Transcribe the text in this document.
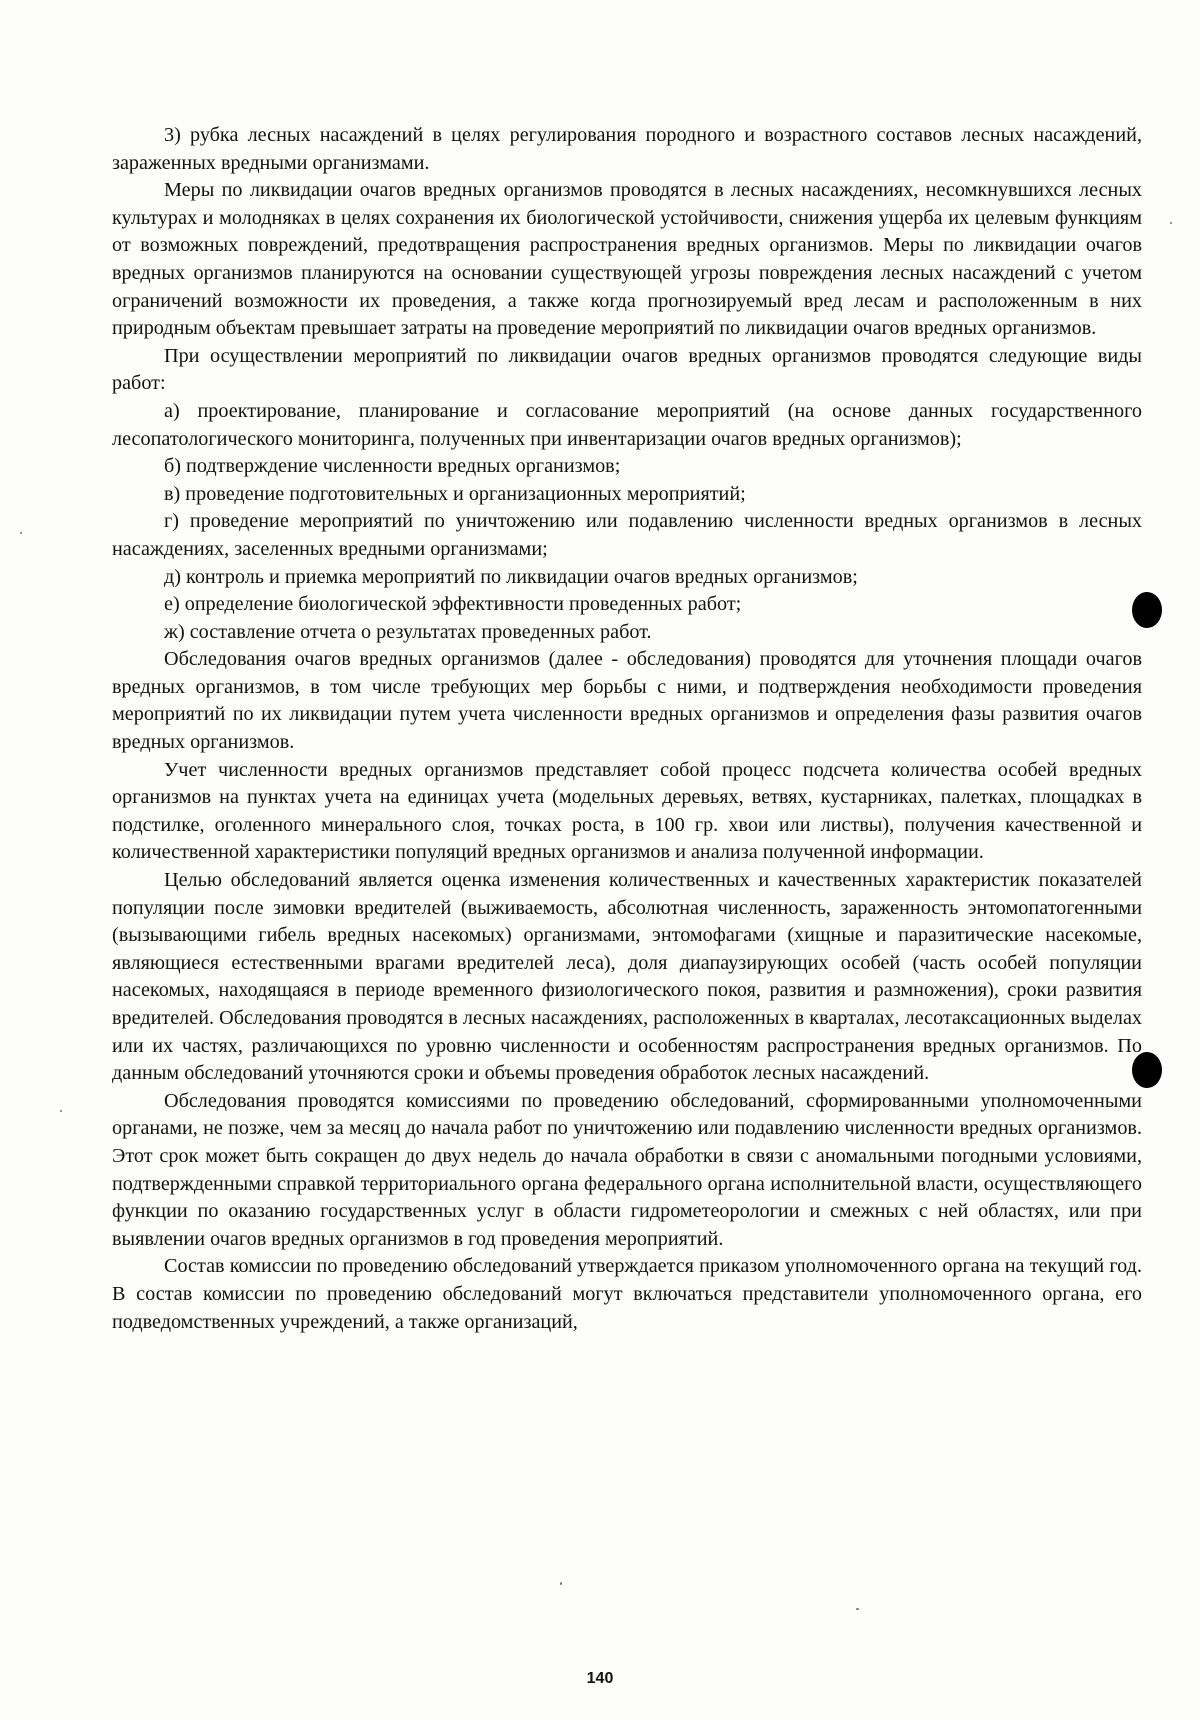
3) рубка лесных насаждений в целях регулирования породного и возрастного составов лесных насаждений, зараженных вредными организмами.

Меры по ликвидации очагов вредных организмов проводятся в лесных насаждениях, несомкнувшихся лесных культурах и молодняках в целях сохранения их биологической устойчивости, снижения ущерба их целевым функциям от возможных повреждений, предотвращения распространения вредных организмов. Меры по ликвидации очагов вредных организмов планируются на основании существующей угрозы повреждения лесных насаждений с учетом ограничений возможности их проведения, а также когда прогнозируемый вред лесам и расположенным в них природным объектам превышает затраты на проведение мероприятий по ликвидации очагов вредных организмов.

При осуществлении мероприятий по ликвидации очагов вредных организмов проводятся следующие виды работ:

а) проектирование, планирование и согласование мероприятий (на основе данных государственного лесопатологического мониторинга, полученных при инвентаризации очагов вредных организмов);

б) подтверждение численности вредных организмов;

в) проведение подготовительных и организационных мероприятий;

г) проведение мероприятий по уничтожению или подавлению численности вредных организмов в лесных насаждениях, заселенных вредными организмами;

д) контроль и приемка мероприятий по ликвидации очагов вредных организмов;

е) определение биологической эффективности проведенных работ;

ж) составление отчета о результатах проведенных работ.

Обследования очагов вредных организмов (далее - обследования) проводятся для уточнения площади очагов вредных организмов, в том числе требующих мер борьбы с ними, и подтверждения необходимости проведения мероприятий по их ликвидации путем учета численности вредных организмов и определения фазы развития очагов вредных организмов.

Учет численности вредных организмов представляет собой процесс подсчета количества особей вредных организмов на пунктах учета на единицах учета (модельных деревьях, ветвях, кустарниках, палетках, площадках в подстилке, оголенного минерального слоя, точках роста, в 100 гр. хвои или листвы), получения качественной и количественной характеристики популяций вредных организмов и анализа полученной информации.

Целью обследований является оценка изменения количественных и качественных характеристик показателей популяции после зимовки вредителей (выживаемость, абсолютная численность, зараженность энтомопатогенными (вызывающими гибель вредных насекомых) организмами, энтомофагами (хищные и паразитические насекомые, являющиеся естественными врагами вредителей леса), доля диапаузирующих особей (часть особей популяции насекомых, находящаяся в периоде временного физиологического покоя, развития и размножения), сроки развития вредителей. Обследования проводятся в лесных насаждениях, расположенных в кварталах, лесотаксационных выделах или их частях, различающихся по уровню численности и особенностям распространения вредных организмов. По данным обследований уточняются сроки и объемы проведения обработок лесных насаждений.

Обследования проводятся комиссиями по проведению обследований, сформированными уполномоченными органами, не позже, чем за месяц до начала работ по уничтожению или подавлению численности вредных организмов. Этот срок может быть сокращен до двух недель до начала обработки в связи с аномальными погодными условиями, подтвержденными справкой территориального органа федерального органа исполнительной власти, осуществляющего функции по оказанию государственных услуг в области гидрометеорологии и смежных с ней областях, или при выявлении очагов вредных организмов в год проведения мероприятий.

Состав комиссии по проведению обследований утверждается приказом уполномоченного органа на текущий год. В состав комиссии по проведению обследований могут включаться представители уполномоченного органа, его подведомственных учреждений, а также организаций,

140
